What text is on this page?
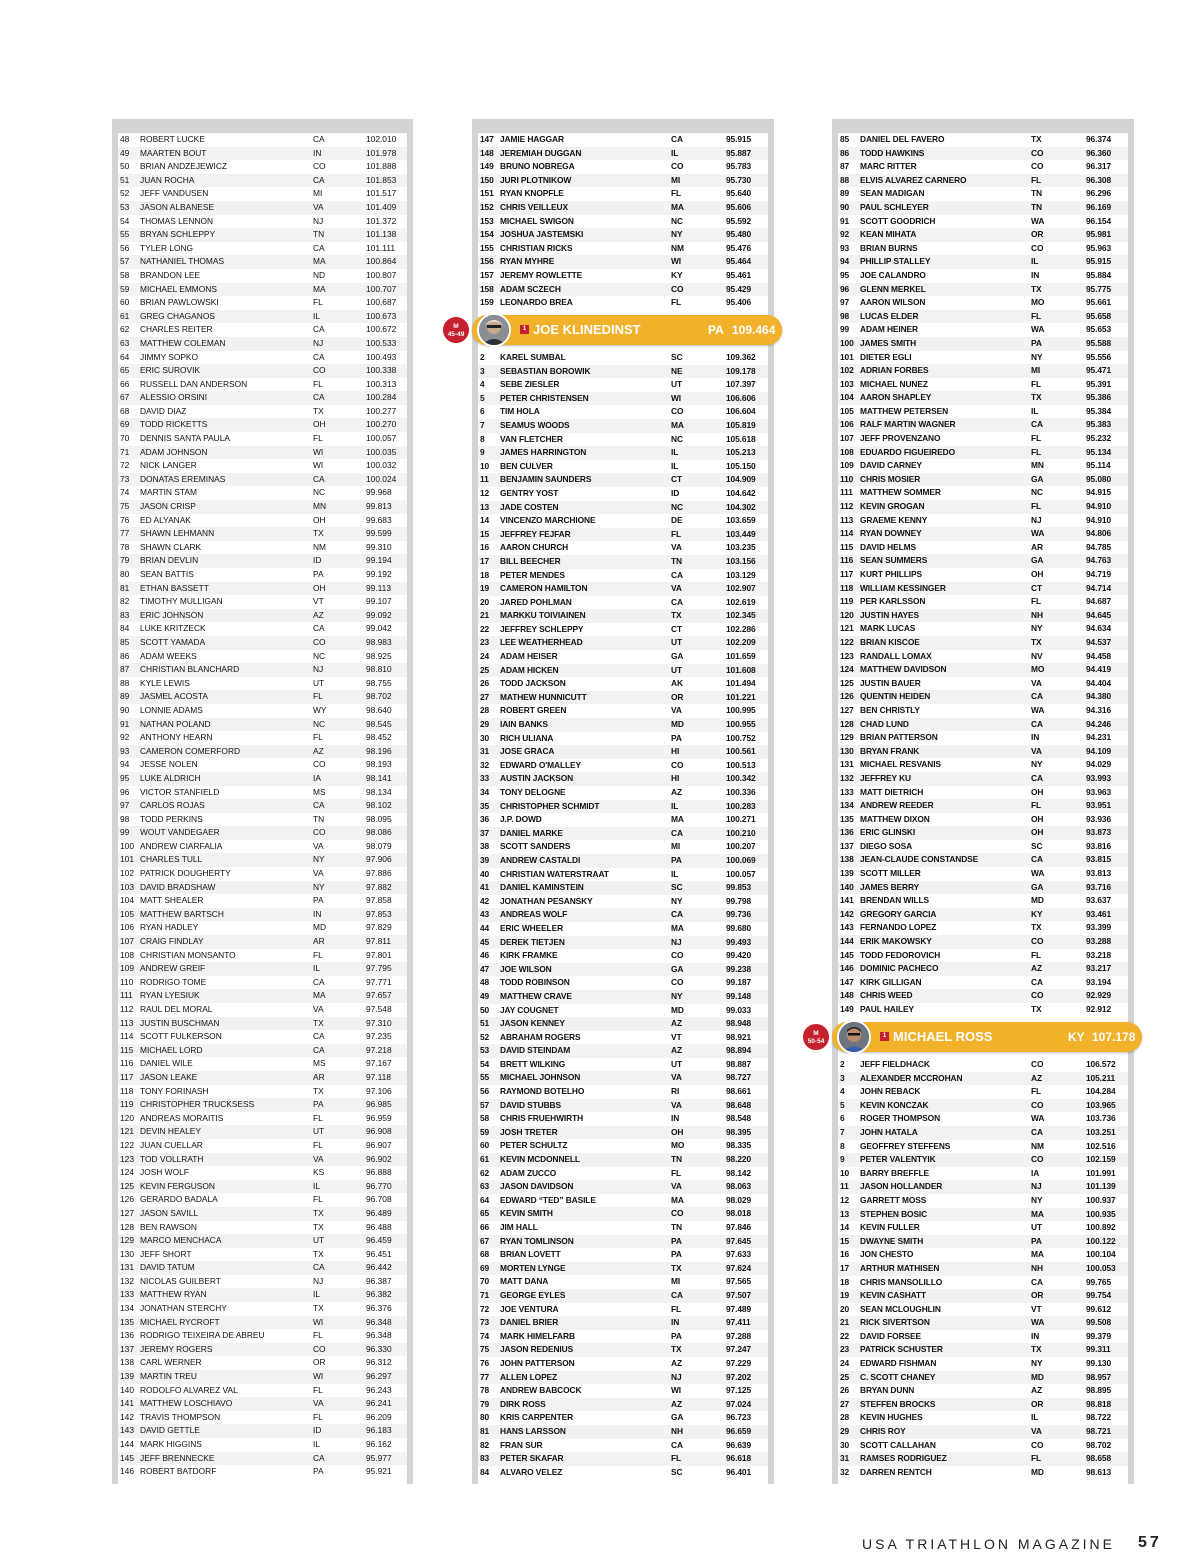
48 ROBERT LUCKE	CA	102.010
49 MAARTEN BOUT	IN	101.978
50 BRIAN ANDZEJEWICZ	CO	101.888
51 JUAN ROCHA	CA	101.853
52 JEFF VANDUSEN	MI	101.517
53 JASON ALBANESE	VA	101.409
54 THOMAS LENNON	NJ	101.372
55 BRYAN SCHLEPPY	TN	101.138
56 TYLER LONG	CA	101.111
57 NATHANIEL THOMAS	MA	100.864
58 BRANDON LEE	ND	100.807
59 MICHAEL EMMONS	MA	100.707
60 BRIAN PAWLOWSKI	FL	100.687
61 GREG CHAGANOS	IL	100.673
62 CHARLES REITER	CA	100.672
63 MATTHEW COLEMAN	NJ	100.533
64 JIMMY SOPKO	CA	100.493
65 ERIC SUROVIK	CO	100.338
66 RUSSELL DAN ANDERSON	FL	100.313
67 ALESSIO ORSINI	CA	100.284
68 DAVID DIAZ	TX	100.277
69 TODD RICKETTS	OH	100.270
70 DENNIS SANTA PAULA	FL	100.057
71 ADAM JOHNSON	WI	100.035
72 NICK LANGER	WI	100.032
73 DONATAS EREMINAS	CA	100.024
74 MARTIN STAM	NC	99.968
75 JASON CRISP	MN	99.813
76 ED ALYANAK	OH	99.683
77 SHAWN LEHMANN	TX	99.599
78 SHAWN CLARK	NM	99.310
79 BRIAN DEVLIN	ID	99.194
80 SEAN BATTIS	PA	99.192
81 ETHAN BASSETT	OH	99.113
82 TIMOTHY MULLIGAN	VT	99.107
83 ERIC JOHNSON	AZ	99.092
84 LUKE KRITZECK	CA	99.042
85 SCOTT YAMADA	CO	98.983
86 ADAM WEEKS	NC	98.925
87 CHRISTIAN BLANCHARD	NJ	98.810
88 KYLE LEWIS	UT	98.755
89 JASMEL ACOSTA	FL	98.702
90 LONNIE ADAMS	WY	98.640
91 NATHAN POLAND	NC	98.545
92 ANTHONY HEARN	FL	98.452
93 CAMERON COMERFORD	AZ	98.196
94 JESSE NOLEN	CO	98.193
95 LUKE ALDRICH	IA	98.141
96 VICTOR STANFIELD	MS	98.134
97 CARLOS ROJAS	CA	98.102
98 TODD PERKINS	TN	98.095
99 WOUT VANDEGAER	CO	98.086
100 ANDREW CIARFALIA	VA	98.079
101 CHARLES TULL	NY	97.906
102 PATRICK DOUGHERTY	VA	97.886
103 DAVID BRADSHAW	NY	97.882
104 MATT SHEALER	PA	97.858
105 MATTHEW BARTSCH	IN	97.853
106 RYAN HADLEY	MD	97.829
107 CRAIG FINDLAY	AR	97.811
108 CHRISTIAN MONSANTO	FL	97.801
109 ANDREW GREIF	IL	97.795
110 RODRIGO TOME	CA	97.771
111 RYAN LYESIUK	MA	97.657
112 RAUL DEL MORAL	VA	97.548
113 JUSTIN BUSCHMAN	TX	97.310
114 SCOTT FULKERSON	CA	97.235
115 MICHAEL LORD	CA	97.218
116 DANIEL WILE	MS	97.167
117 JASON LEAKE	AR	97.118
118 TONY FORINASH	TX	97.106
119 CHRISTOPHER TRUCKSESS	PA	96.985
120 ANDREAS MORAITIS	FL	96.959
121 DEVIN HEALEY	UT	96.908
122 JUAN CUELLAR	FL	96.907
123 TOD VOLLRATH	VA	96.902
124 JOSH WOLF	KS	96.888
125 KEVIN FERGUSON	IL	96.770
126 GERARDO BADALA	FL	96.708
127 JASON SAVILL	TX	96.489
128 BEN RAWSON	TX	96.488
129 MARCO MENCHACA	UT	96.459
130 JEFF SHORT	TX	96.451
131 DAVID TATUM	CA	96.442
132 NICOLAS GUILBERT	NJ	96.387
133 MATTHEW RYAN	IL	96.382
134 JONATHAN STERCHY	TX	96.376
135 MICHAEL RYCROFT	WI	96.348
136 RODRIGO TEIXEIRA DE ABREU	FL	96.348
137 JEREMY ROGERS	CO	96.330
138 CARL WERNER	OR	96.312
139 MARTIN TREU	WI	96.297
140 RODOLFO ALVAREZ VAL	FL	96.243
141 MATTHEW LOSCHIAVO	VA	96.241
142 TRAVIS THOMPSON	FL	96.209
143 DAVID GETTLE	ID	96.183
144 MARK HIGGINS	IL	96.162
145 JEFF BRENNECKE	CA	95.977
146 ROBERT BATDORF	PA	95.921
147 JAMIE HAGGAR	CA	95.915
148 JEREMIAH DUGGAN	IL	95.887
149 BRUNO NOBREGA	CO	95.783
150 JURI PLOTNIKOW	MI	95.730
151 RYAN KNOPFLE	FL	95.640
152 CHRIS VEILLEUX	MA	95.606
153 MICHAEL SWIGON	NC	95.592
154 JOSHUA JASTEMSKI	NY	95.480
155 CHRISTIAN RICKS	NM	95.476
156 RYAN MYHRE	WI	95.464
157 JEREMY ROWLETTE	KY	95.461
158 ADAM SCZECH	CO	95.429
159 LEONARDO BREA	FL	95.406
2 KAREL SUMBAL	SC	109.362
3 SEBASTIAN BOROWIK	NE	109.178
4 SEBE ZIESLER	UT	107.397
5 PETER CHRISTENSEN	WI	106.606
6 TIM HOLA	CO	106.604
7 SEAMUS WOODS	MA	105.819
8 VAN FLETCHER	NC	105.618
9 JAMES HARRINGTON	IL	105.213
10 BEN CULVER	IL	105.150
11 BENJAMIN SAUNDERS	CT	104.909
12 GENTRY YOST	ID	104.642
13 JADE COSTEN	NC	104.302
14 VINCENZO MARCHIONE	DE	103.659
15 JEFFREY FEJFAR	FL	103.449
16 AARON CHURCH	VA	103.235
17 BILL BEECHER	TN	103.156
18 PETER MENDES	CA	103.129
19 CAMERON HAMILTON	VA	102.907
20 JARED POHLMAN	CA	102.619
21 MARKKU TOIVIAINEN	TX	102.345
22 JEFFREY SCHLEPPY	CT	102.286
23 LEE WEATHERHEAD	UT	102.209
24 ADAM HEISER	GA	101.659
25 ADAM HICKEN	UT	101.608
26 TODD JACKSON	AK	101.494
27 MATHEW HUNNICUTT	OR	101.221
28 ROBERT GREEN	VA	100.995
29 IAIN BANKS	MD	100.955
30 RICH ULIANA	PA	100.752
31 JOSE GRACA	HI	100.561
32 EDWARD O'MALLEY	CO	100.513
33 AUSTIN JACKSON	HI	100.342
34 TONY DELOGNE	AZ	100.336
35 CHRISTOPHER SCHMIDT	IL	100.283
36 J.P. DOWD	MA	100.271
37 DANIEL MARKE	CA	100.210
38 SCOTT SANDERS	MI	100.207
39 ANDREW CASTALDI	PA	100.069
40 CHRISTIAN WATERSTRAAT	IL	100.057
41 DANIEL KAMINSTEIN	SC	99.853
42 JONATHAN PESANSKY	NY	99.798
43 ANDREAS WOLF	CA	99.736
44 ERIC WHEELER	MA	99.680
45 DEREK TIETJEN	NJ	99.493
46 KIRK FRAMKE	CO	99.420
47 JOE WILSON	GA	99.238
48 TODD ROBINSON	CO	99.187
49 MATTHEW CRAVE	NY	99.148
50 JAY COUGNET	MD	99.033
51 JASON KENNEY	AZ	98.948
52 ABRAHAM ROGERS	VT	98.921
53 DAVID STEINDAM	AZ	98.894
54 BRETT WILKING	UT	98.887
55 MICHAEL JOHNSON	VA	98.727
56 RAYMOND BOTELHO	RI	98.661
57 DAVID STUBBS	VA	98.648
58 CHRIS FRUEHWIRTH	IN	98.548
59 JOSH TRETER	OH	98.395
60 PETER SCHULTZ	MO	98.335
61 KEVIN MCDONNELL	TN	98.220
62 ADAM ZUCCO	FL	98.142
63 JASON DAVIDSON	VA	98.063
64 EDWARD “TED” BASILE	MA	98.029
65 KEVIN SMITH	CO	98.018
66 JIM HALL	TN	97.846
67 RYAN TOMLINSON	PA	97.645
68 BRIAN LOVETT	PA	97.633
69 MORTEN LYNGE	TX	97.624
70 MATT DANA	MI	97.565
71 GEORGE EYLES	CA	97.507
72 JOE VENTURA	FL	97.489
73 DANIEL BRIER	IN	97.411
74 MARK HIMELFARB	PA	97.288
75 JASON REDENIUS	TX	97.247
76 JOHN PATTERSON	AZ	97.229
77 ALLEN LOPEZ	NJ	97.202
78 ANDREW BABCOCK	WI	97.125
79 DIRK ROSS	AZ	97.024
80 KRIS CARPENTER	GA	96.723
81 HANS LARSSON	NH	96.659
82 FRAN SUR	CA	96.639
83 PETER SKAFAR	FL	96.618
84 ALVARO VELEZ	SC	96.401
85 DANIEL DEL FAVERO	TX	96.374
86 TODD HAWKINS	CO	96.360
87 MARC RITTER	CO	96.317
88 ELVIS ALVAREZ CARNERO	FL	96.308
89 SEAN MADIGAN	TN	96.296
90 PAUL SCHLEYER	TN	96.169
91 SCOTT GOODRICH	WA	96.154
92 KEAN MIHATA	OR	95.981
93 BRIAN BURNS	CO	95.963
94 PHILLIP STALLEY	IL	95.915
95 JOE CALANDRO	IN	95.884
96 GLENN MERKEL	TX	95.775
97 AARON WILSON	MO	95.661
98 LUCAS ELDER	FL	95.658
99 ADAM HEINER	WA	95.653
100 JAMES SMITH	PA	95.588
101 DIETER EGLI	NY	95.556
102 ADRIAN FORBES	MI	95.471
103 MICHAEL NUNEZ	FL	95.391
104 AARON SHAPLEY	TX	95.386
105 MATTHEW PETERSEN	IL	95.384
106 RALF MARTIN WAGNER	CA	95.383
107 JEFF PROVENZANO	FL	95.232
108 EDUARDO FIGUEIREDO	FL	95.134
109 DAVID CARNEY	MN	95.114
110 CHRIS MOSIER	GA	95.080
111 MATTHEW SOMMER	NC	94.915
112 KEVIN GROGAN	FL	94.910
113 GRAEME KENNY	NJ	94.910
114 RYAN DOWNEY	WA	94.806
115 DAVID HELMS	AR	94.785
116 SEAN SUMMERS	GA	94.763
117 KURT PHILLIPS	OH	94.719
118 WILLIAM KESSINGER	CT	94.714
119 PER KARLSSON	FL	94.687
120 JUSTIN HAYES	NH	94.645
121 MARK LUCAS	NY	94.634
122 BRIAN KISCOE	TX	94.537
123 RANDALL LOMAX	NV	94.458
124 MATTHEW DAVIDSON	MO	94.419
125 JUSTIN BAUER	VA	94.404
126 QUENTIN HEIDEN	CA	94.380
127 BEN CHRISTLY	WA	94.316
128 CHAD LUND	CA	94.246
129 BRIAN PATTERSON	IN	94.231
130 BRYAN FRANK	VA	94.109
131 MICHAEL RESVANIS	NY	94.029
132 JEFFREY KU	CA	93.993
133 MATT DIETRICH	OH	93.963
134 ANDREW REEDER	FL	93.951
135 MATTHEW DIXON	OH	93.936
136 ERIC GLINSKI	OH	93.873
137 DIEGO SOSA	SC	93.816
138 JEAN-CLAUDE CONSTANDSE	CA	93.815
139 SCOTT MILLER	WA	93.813
140 JAMES BERRY	GA	93.716
141 BRENDAN WILLS	MD	93.637
142 GREGORY GARCIA	KY	93.461
143 FERNANDO LOPEZ	TX	93.399
144 ERIK MAKOWSKY	CO	93.288
145 TODD FEDOROVICH	FL	93.218
146 DOMINIC PACHECO	AZ	93.217
147 KIRK GILLIGAN	CA	93.194
148 CHRIS WEED	CO	92.929
149 PAUL HAILEY	TX	92.912
2 JEFF FIELDHACK	CO	106.572
3 ALEXANDER MCCROHAN	AZ	105.211
4 JOHN REBACK	FL	104.284
5 KEVIN KONCZAK	CO	103.965
6 ROGER THOMPSON	WA	103.736
7 JOHN HATALA	CA	103.251
8 GEOFFREY STEFFENS	NM	102.516
9 PETER VALENTYIK	CO	102.159
10 BARRY BREFFLE	IA	101.991
11 JASON HOLLANDER	NJ	101.139
12 GARRETT MOSS	NY	100.937
13 STEPHEN BOSIC	MA	100.935
14 KEVIN FULLER	UT	100.892
15 DWAYNE SMITH	PA	100.122
16 JON CHESTO	MA	100.104
17 ARTHUR MATHISEN	NH	100.053
18 CHRIS MANSOLILLO	CA	99.765
19 KEVIN CASHATT	OR	99.754
20 SEAN MCLOUGHLIN	VT	99.612
21 RICK SIVERTSON	WA	99.508
22 DAVID FORSEE	IN	99.379
23 PATRICK SCHUSTER	TX	99.311
24 EDWARD FISHMAN	NY	99.130
25 C. SCOTT CHANEY	MD	98.957
26 BRYAN DUNN	AZ	98.895
27 STEFFEN BROCKS	OR	98.818
28 KEVIN HUGHES	IL	98.722
29 CHRIS ROY	VA	98.721
30 SCOTT CALLAHAN	CO	98.702
31 RAMSES RODRIGUEZ	FL	98.658
32 DARREN RENTCH	MD	98.613
1 JOE KLINEDINST	PA 109.464
M
45-49
1 MICHAEL ROSS	KY 107.178
M
50-54
USA TRIATHLON MAGAZINE 57
